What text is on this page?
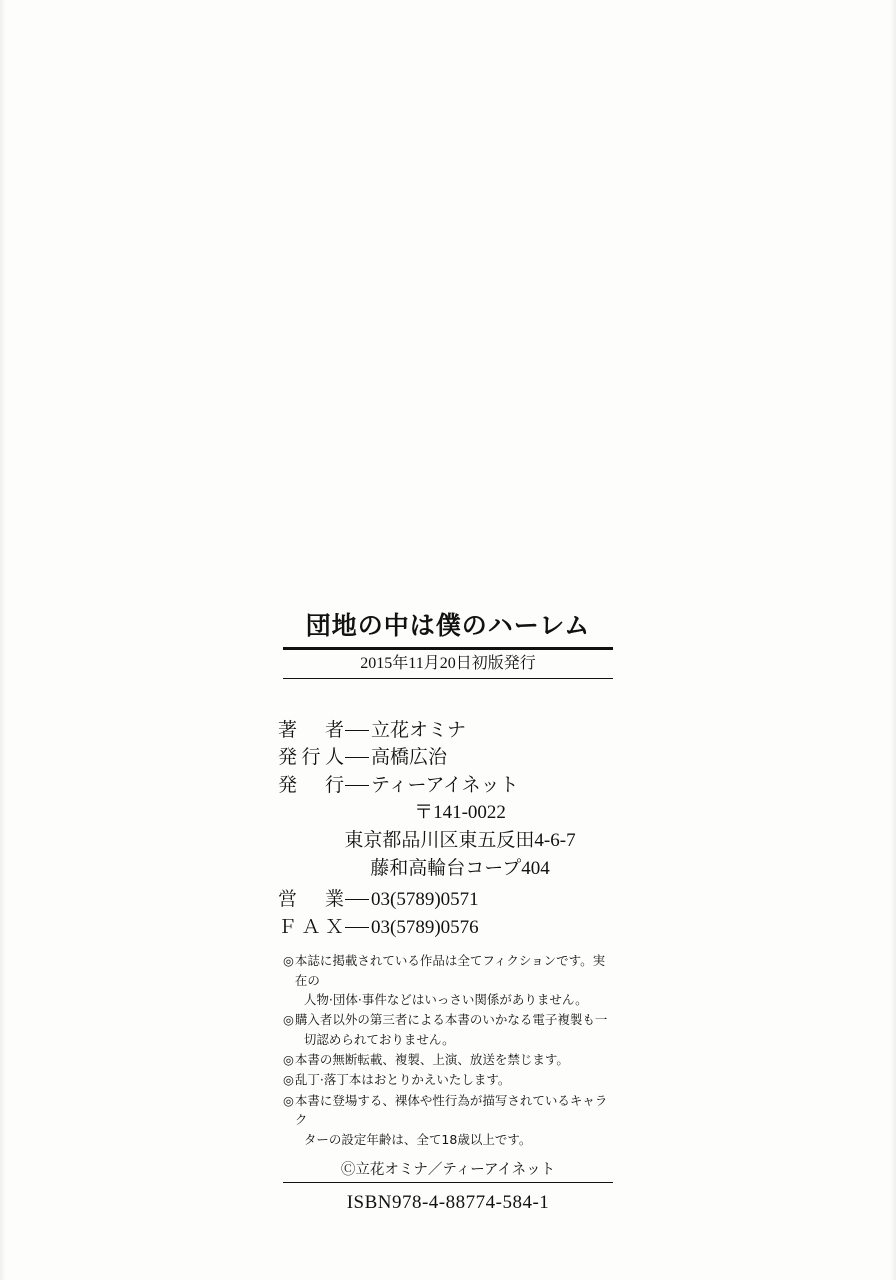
団地の中は僕のハーレム
2015年11月20日初版発行
著　者 立花オミナ
発行人 高橋広治
発　行 ティーアイネット
〒141-0022
東京都品川区東五反田4-6-7
藤和高輪台コープ404
営　業 03(5789)0571
ＦＡＸ 03(5789)0576
◎ 本誌に掲載されている作品は全てフィクションです。実在の
人物·団体·事件などはいっさい関係がありません。
◎ 購入者以外の第三者による本書のいかなる電子複製も一
切認められておりません。
◎ 本書の無断転載、複製、上演、放送を禁じます。
◎ 乱丁·落丁本はおとりかえいたします。
◎ 本書に登場する、裸体や性行為が描写されているキャラク
ターの設定年齢は、全て18歳以上です。
Ⓒ立花オミナ／ティーアイネット
ISBN978-4-88774-584-1
